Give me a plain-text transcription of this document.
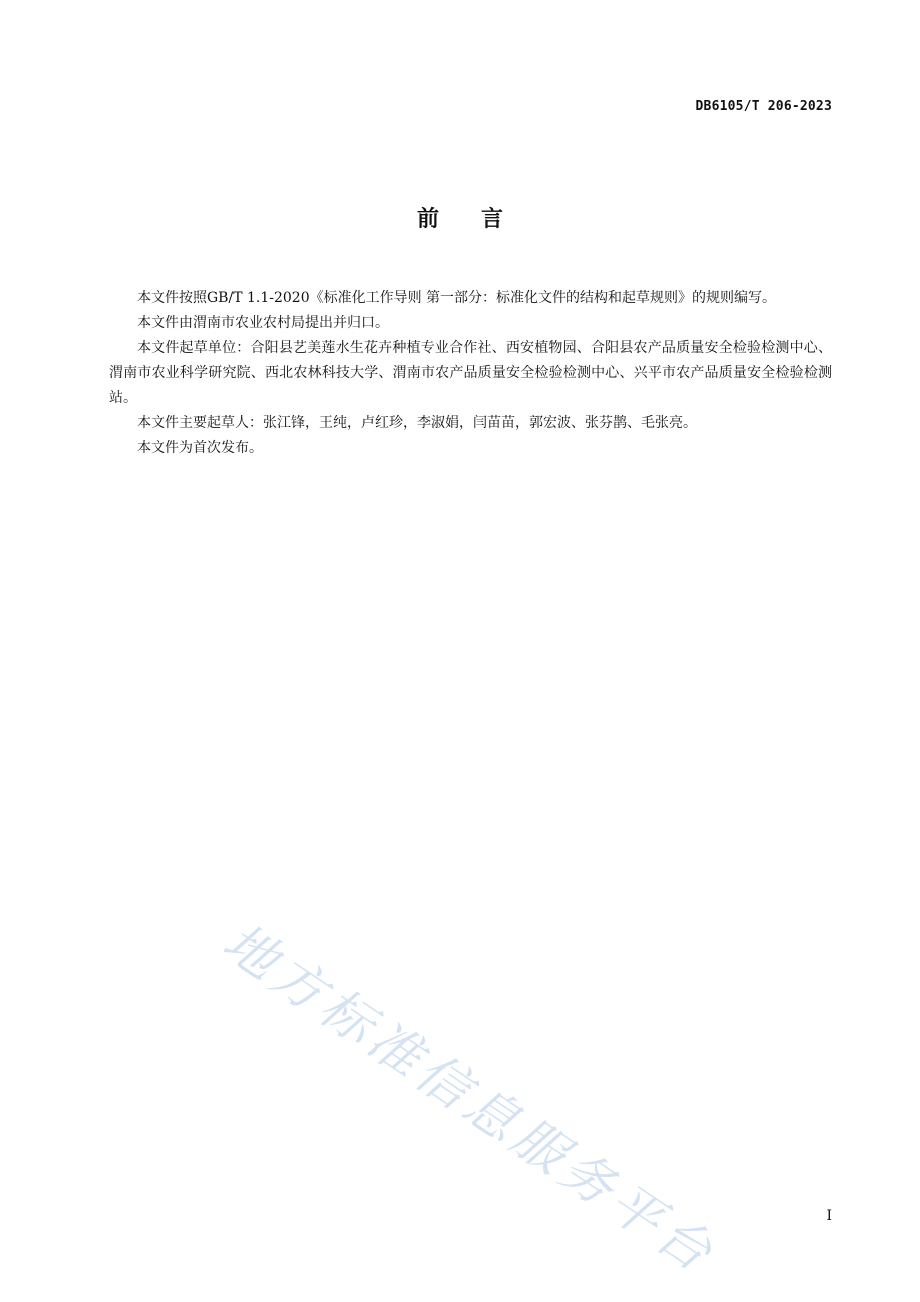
DB6105/T 206-2023
前言

本文件按照GB/T 1.1-2020《标准化工作导则 第一部分：标准化文件的结构和起草规则》的规则编写。

本文件由渭南市农业农村局提出并归口。

本文件起草单位：合阳县艺美莲水生花卉种植专业合作社、西安植物园、合阳县农产品质量安全检验检测中心、渭南市农业科学研究院、西北农林科技大学、渭南市农产品质量安全检验检测中心、兴平市农产品质量安全检验检测站。

本文件主要起草人：张江锋，王纯，卢红珍，李淑娟，闫苗苗，郭宏波、张芬鹊、毛张亮。

本文件为首次发布。

地方标准信息服务平台	I
